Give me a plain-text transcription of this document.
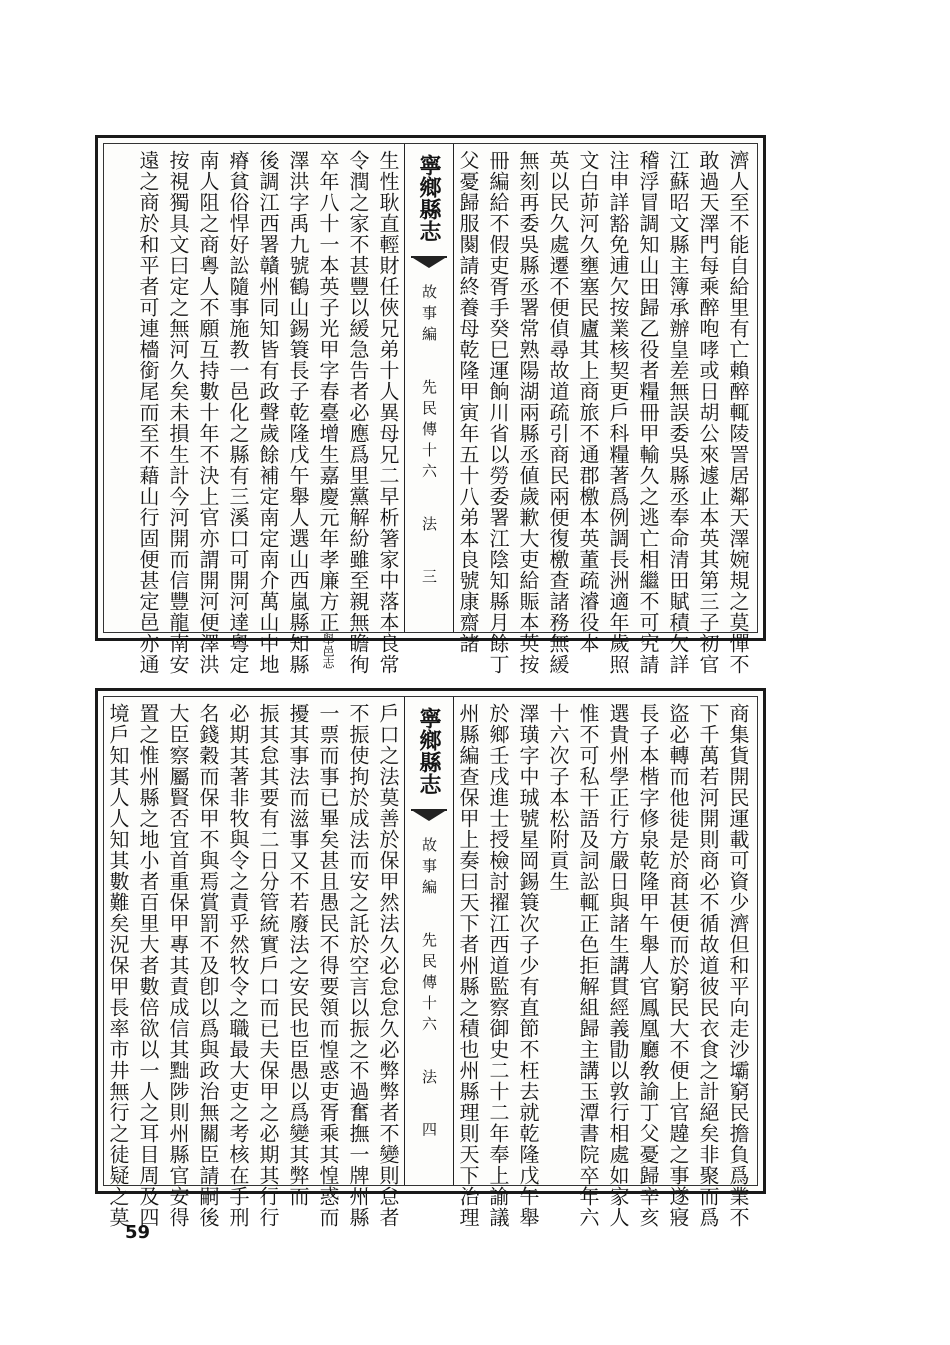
濟人至不能自給里有亡賴醉輒陵詈居鄰天澤婉規之莫憚不
敢過天澤門每乘醉咆哮或日胡公來遽止本英其第三子初官
江蘇昭文縣主簿承辦皇差無誤委吳縣丞奉命清田賦積欠詳
稽浮冒調知山田歸乙役者糧冊甲輸久之逃亡相繼不可究請
注申詳豁免逋欠按業核契更戶科糧著爲例調長洲適年歲照
文白茆河久壅塞民廬其上商旅不通郡檄本英董疏濬役本
英以民久處遷不便偵尋故道疏引商民兩便復檄查諸務無緩
無刻再委吳縣丞署常熟陽湖兩縣丞値歲歉大吏給賑本英按
冊編給不假吏胥手癸巳運餉川省以勞委署江陰知縣月餘丁
父憂歸服闋請終養母乾隆甲寅年五十八弟本良號康齋諸
生性耿直輕財任俠兄弟十人異母兄二早析箸家中落本良常
令潤之家不甚豐以緩急告者必應爲里黨解紛雖至親無瞻徇
卒年八十一本英子光甲字春臺增生嘉慶元年孝廉方正舉邑志
澤洪字禹九號鶴山錫簑長子乾隆戊午舉人選山西嵐縣知縣
後調江西署贛州同知皆有政聲歲餘補定南定南介萬山中地
瘠貧俗悍好訟隨事施教一邑化之縣有三溪口可開河達粵定
南人阻之商粵人不願互持數十年不決上官亦謂開河便澤洪
按視獨具文曰定之無河久矣未損生計今河開而信豐龍南安
遠之商於和平者可連檣銜尾而至不藉山行固便甚定邑亦通	寧鄉縣志
故事編　 先民傳十六　 法　 三
商集貨開民運載可資少濟但和平向走沙壩窮民擔負爲業不
下千萬若河開則商必不循故道彼民衣食之計絕矣非聚而爲
盜必轉而他徙是於商甚便而於窮民大不便上官韙之事遂寢
長子本楷字修泉乾隆甲午舉人官鳳凰廳敎諭丁父憂歸辛亥
選貴州學正行方嚴日與諸生講貫經義勖以敦行相處如家人
惟不可私干語及詞訟輒正色拒解組歸主講玉潭書院卒年六
十六次子本松附貢生
澤璜字中珹號星岡錫簑次子少有直節不枉去就乾隆戊午舉
於鄉壬戌進士授檢討擢江西道監察御史二十二年奉上諭議
州縣編查保甲上奏曰天下者州縣之積也州縣理則天下治理
戶口之法莫善於保甲然法久必怠怠久必弊弊者不變則怠者
不振使拘於成法而安之託於空言以振之不過奮撫一牌州縣
一票而事已畢矣甚且愚民不得要領而惶惑吏胥乘其惶惑而
擾其事法而滋事又不若廢法之安民也臣愚以爲變其弊而
振其怠其要有二日分管統實戶口而已夫保甲之必期其行行
必期其著非牧與令之責乎然牧令之職最大吏之考核在手刑
名錢穀而保甲不與焉賞罰不及卽以爲與政治無關臣請嗣後
大臣察屬賢否宜首重保甲專其責成信其黜陟則州縣官安得
置之惟州縣之地小者百里大者數倍欲以一人之耳目周及四
境戶知其人人知其數難矣況保甲長率市井無行之徒疑之莫	寧鄉縣志
故事編　 先民傳十六　 法　 四
59
